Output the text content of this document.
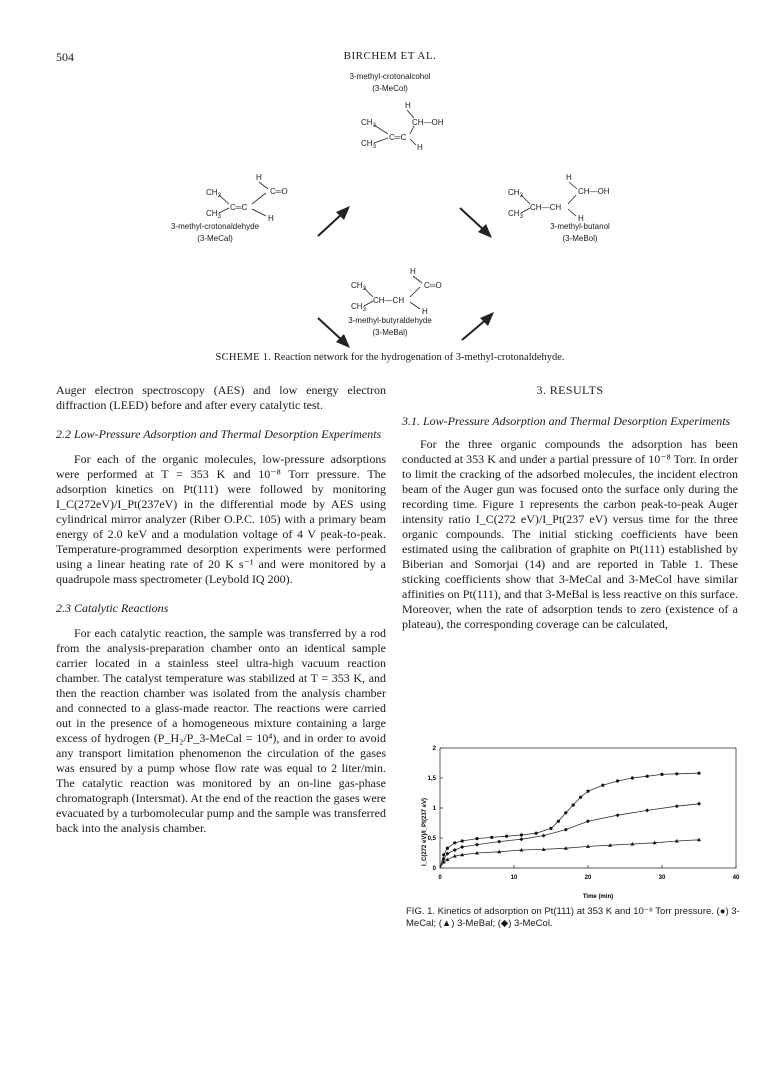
504	BIRCHEM ET AL.
3-methyl-crotonalcohol
(3-MeCol)
H
$CH_3$	CH—OH
C═C
$CH_3$	H
H
$CH_3$	C═O
C═C
$CH_3$	H
H
$CH_3$	CH—OH
CH—CH
$CH_3$	H
H
$CH_3$	C═O
CH—CH
$CH_3$	H
3-methyl-crotonaldehyde
(3-MeCal)
3-methyl-butanol
(3-MeBol)
3-methyl-butyraldehyde
(3-MeBal)
SCHEME 1. Reaction network for the hydrogenation of 3-methyl-crotonaldehyde.

Auger electron spectroscopy (AES) and low energy electron diffraction (LEED) before and after every catalytic test.

2.2 Low-Pressure Adsorption and Thermal Desorption Experiments

For each of the organic molecules, low-pressure adsorptions were performed at T = 353 K and 10⁻⁸ Torr pressure. The adsorption kinetics on Pt(111) were followed by monitoring I_C(272eV)/I_Pt(237eV) in the differential mode by AES using cylindrical mirror analyzer (Riber O.P.C. 105) with a primary beam energy of 2.0 keV and a modulation voltage of 4 V peak-to-peak. Temperature-programmed desorption experiments were performed using a linear heating rate of 20 K s⁻¹ and were monitored by a quadrupole mass spectrometer (Leybold IQ 200).

2.3 Catalytic Reactions

For each catalytic reaction, the sample was transferred by a rod from the analysis-preparation chamber onto an identical sample carrier located in a stainless steel ultra-high vacuum reaction chamber. The catalyst temperature was stabilized at T = 353 K, and then the reaction chamber was isolated from the analysis chamber and connected to a glass-made reactor. The reactions were carried out in the presence of a homogeneous mixture containing a large excess of hydrogen (P_H₂/P_3-MeCal = 10⁴), and in order to avoid any transport limitation phenomenon the circulation of the gases was ensured by a pump whose flow rate was equal to 2 liter/min. The catalytic reaction was monitored by an on-line gas-phase chromatograph (Intersmat). At the end of the reaction the gases were evacuated by a turbomolecular pump and the sample was transferred back into the analysis chamber.

3. RESULTS
3.1. Low-Pressure Adsorption and Thermal Desorption Experiments

For the three organic compounds the adsorption has been conducted at 353 K and under a partial pressure of 10⁻⁸ Torr. In order to limit the cracking of the adsorbed molecules, the incident electron beam of the Auger gun was focused onto the surface only during the recording time. Figure 1 represents the carbon peak-to-peak Auger intensity ratio I_C(272 eV)/I_Pt(237 eV) versus time for the three organic compounds. The initial sticking coefficients have been estimated using the calibration of graphite on Pt(111) established by Biberian and Somorjai (14) and are reported in Table 1. These sticking coefficients show that 3-MeCal and 3-MeCol have similar affinities on Pt(111), and that 3-MeBal is less reactive on this surface. Moreover, when the rate of adsorption tends to zero (existence of a plateau), the corresponding coverage can be calculated,

0	10	20	30	40
0
0,5
1
1,5
2
I_C(272 eV)/I_Pt(237 eV)
Time (min)
FIG. 1. Kinetics of adsorption on Pt(111) at 353 K and 10⁻⁸ Torr pressure. (●) 3-MeCal; (▲) 3-MeBal; (◆) 3-MeCol.
